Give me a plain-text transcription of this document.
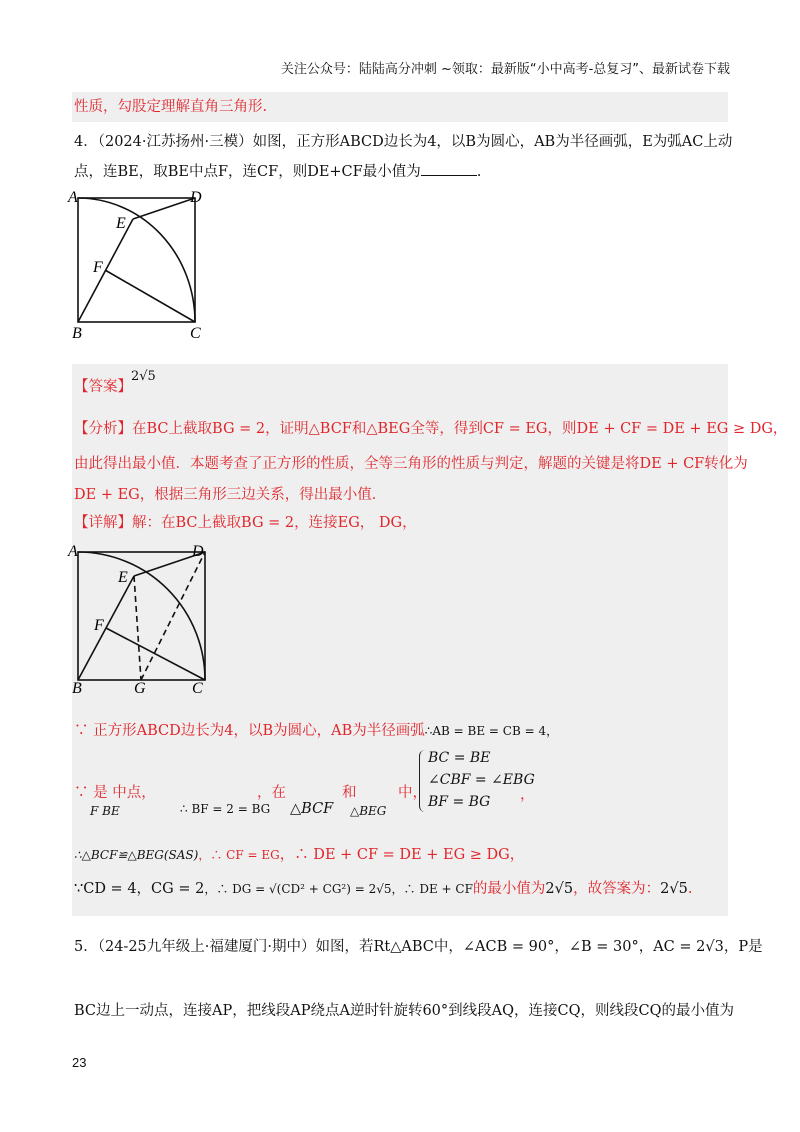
关注公众号：陆陆高分冲刺 ~领取：最新版“小中高考-总复习”、最新试卷下载
性质，勾股定理解直角三角形.
4．（2024·江苏扬州·三模）如图，正方形ABCD边长为4，以B为圆心，AB为半径画弧，E为弧AC上动
点，连BE，取BE中点F，连CF，则DE+CF最小值为	.
A	D
E
F
B	C
【答案】
2√5
【分析】在BC上截取BG = 2，证明△BCF和△BEG全等，得到CF = EG，则DE + CF = DE + EG ≥ DG，
由此得出最小值．本题考查了正方形的性质，全等三角形的性质与判定，解题的关键是将DE + CF转化为
DE + EG，根据三角形三边关系，得出最小值．
【详解】解：在BC上截取BG = 2，连接EG， DG，
A	D
E
F
B	G	C
∵ 正方形ABCD边长为4，以B为圆心，AB为半径画弧∴AB = BE = CB = 4，
∵ 是 中点，
F BE	∴ BF = 2 = BG
，在
△BCF
和
△BEG
中，
BC = BE
∠CBF = ∠EBG
BF = BG ，
∴△BCF≌△BEG(SAS)，∴ CF = EG，∴ DE + CF = DE + EG ≥ DG，
∵CD = 4，CG = 2，∴ DG = √(CD² + CG²) = 2√5，∴ DE + CF的最小值为2√5，故答案为：2√5.
5．（24-25九年级上·福建厦门·期中）如图，若Rt△ABC中，∠ACB = 90°，∠B = 30°，AC = 2√3，P是
BC边上一动点，连接AP，把线段AP绕点A逆时针旋转60°到线段AQ，连接CQ，则线段CQ的最小值为
23
